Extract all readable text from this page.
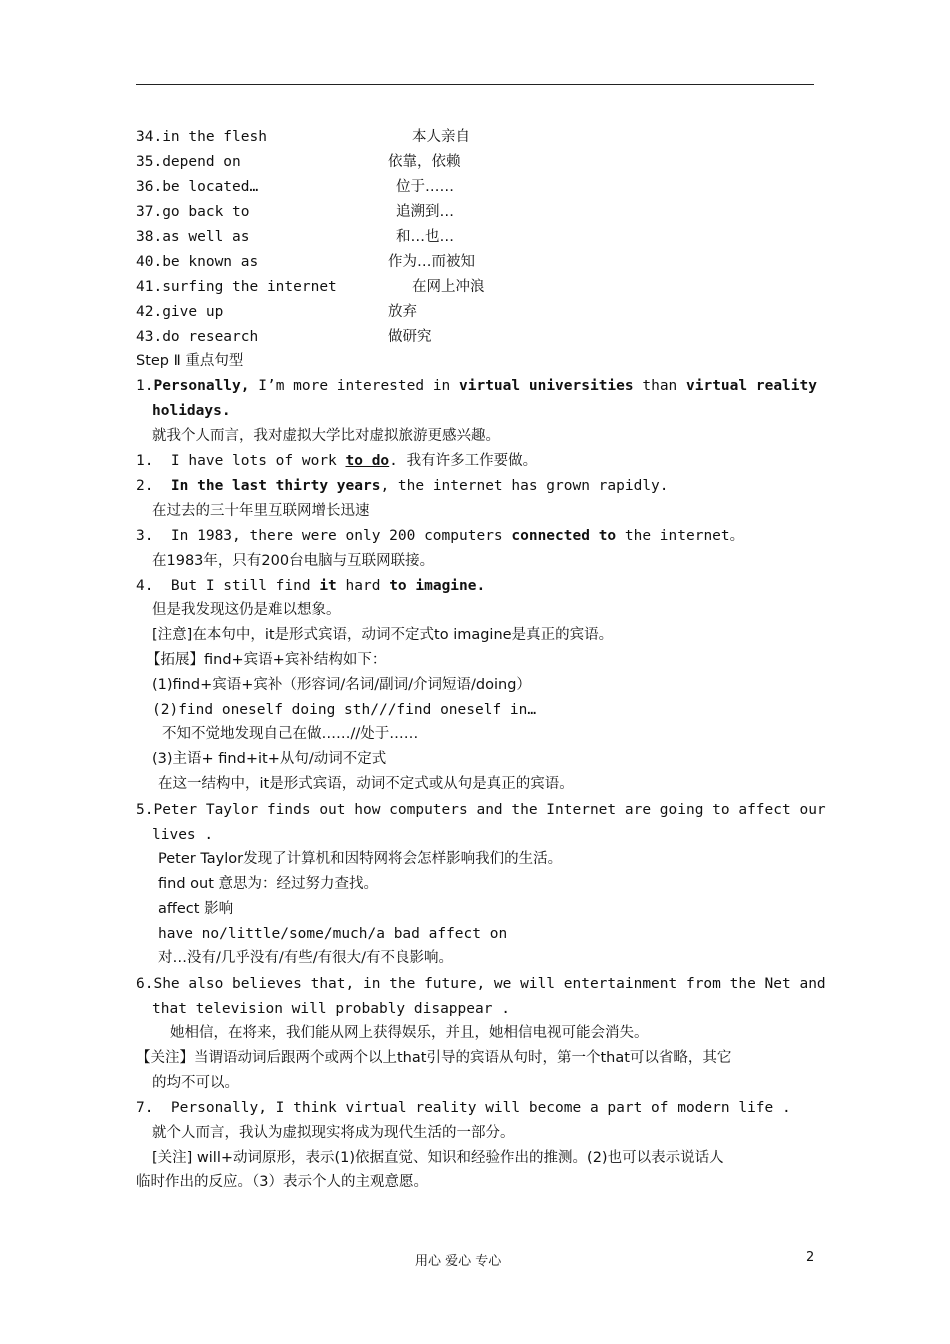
34.in the flesh	本人亲自
35.depend on	依靠，依赖
36.be located…	位于……
37.go back to	追溯到…
38.as well as	和…也…
40.be known as	作为…而被知
41.surfing the internet	在网上冲浪
42.give up	放弃
43.do research	做研究
Step Ⅱ 重点句型
1.Personally, I’m more interested in virtual universities than virtual reality
holidays.
就我个人而言，我对虚拟大学比对虚拟旅游更感兴趣。
1.  I have lots of work to do. 我有许多工作要做。
2.  In the last thirty years, the internet has grown rapidly.
在过去的三十年里互联网增长迅速
3.  In 1983, there were only 200 computers connected to the internet。
在1983年，只有200台电脑与互联网联接。
4.  But I still find it hard to imagine.
但是我发现这仍是难以想象。
[注意]在本句中，it是形式宾语，动词不定式to imagine是真正的宾语。
【拓展】find+宾语+宾补结构如下：
(1)find+宾语+宾补（形容词/名词/副词/介词短语/doing）
(2)find oneself doing sth///find oneself in…
不知不觉地发现自己在做……//处于……
(3)主语+ find+it+从句/动词不定式
在这一结构中，it是形式宾语，动词不定式或从句是真正的宾语。
5.Peter Taylor finds out how computers and the Internet are going to affect our
lives .
Peter Taylor发现了计算机和因特网将会怎样影响我们的生活。
find out 意思为：经过努力查找。
affect 影响
have no/little/some/much/a bad affect on
对…没有/几乎没有/有些/有很大/有不良影响。
6.She also believes that, in the future, we will entertainment from the Net and
that television will probably disappear .
她相信，在将来，我们能从网上获得娱乐，并且，她相信电视可能会消失。
【关注】当谓语动词后跟两个或两个以上that引导的宾语从句时，第一个that可以省略，其它
的均不可以。
7.  Personally, I think virtual reality will become a part of modern life .
就个人而言，我认为虚拟现实将成为现代生活的一部分。
[关注] will+动词原形，表示(1)依据直觉、知识和经验作出的推测。(2)也可以表示说话人
临时作出的反应。（3）表示个人的主观意愿。
用心 爱心 专心	2
